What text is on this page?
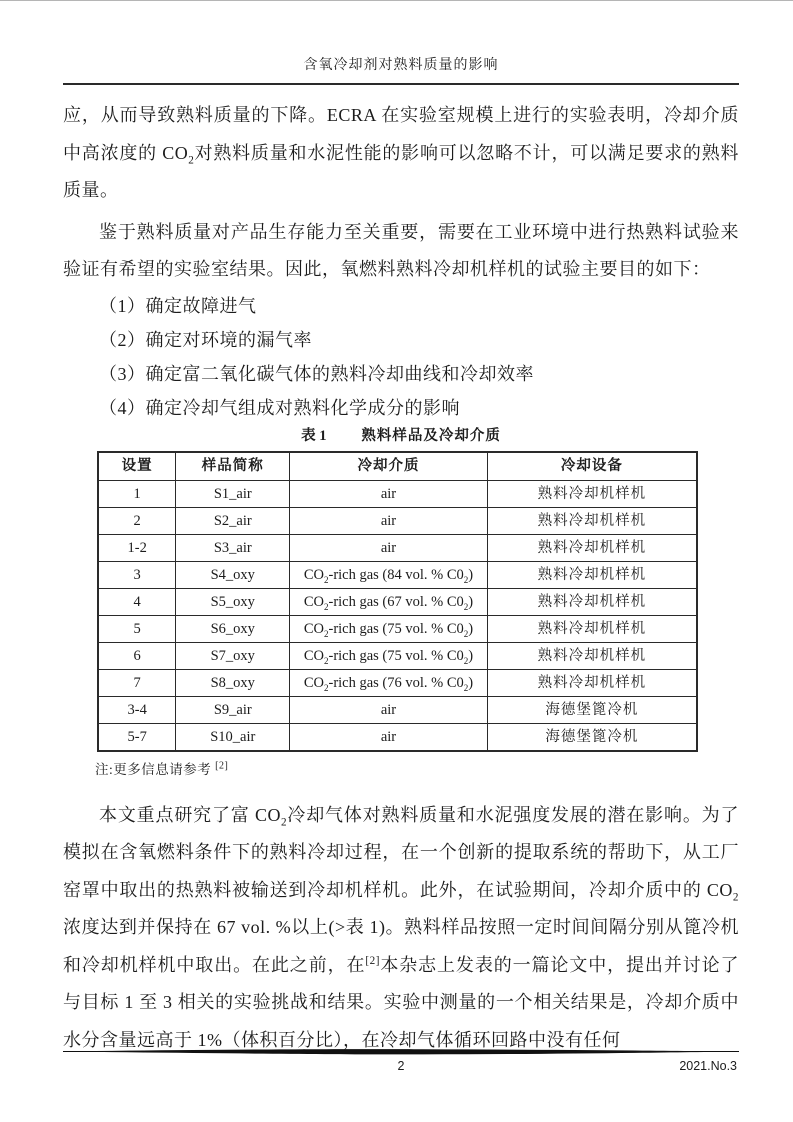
含氧冷却剂对熟料质量的影响

应，从而导致熟料质量的下降。ECRA 在实验室规模上进行的实验表明，冷却介质中高浓度的 $CO_2$对熟料质量和水泥性能的影响可以忽略不计，可以满足要求的熟料质量。

鉴于熟料质量对产品生存能力至关重要，需要在工业环境中进行热熟料试验来验证有希望的实验室结果。因此，氧燃料熟料冷却机样机的试验主要目的如下：

（1）确定故障进气
（2）确定对环境的漏气率
（3）确定富二氧化碳气体的熟料冷却曲线和冷却效率
（4）确定冷却气组成对熟料化学成分的影响
表 1 熟料样品及冷却介质
设置	样品简称	冷却介质	冷却设备
1	S1_air	air	熟料冷却机样机
2	S2_air	air	熟料冷却机样机
1-2	S3_air	air	熟料冷却机样机
3	S4_oxy	$CO_2$-rich gas (84 vol. % $C0_2$)	熟料冷却机样机
4	S5_oxy	$CO_2$-rich gas (67 vol. % $C0_2$)	熟料冷却机样机
5	S6_oxy	$CO_2$-rich gas (75 vol. % $C0_2$)	熟料冷却机样机
6	S7_oxy	$CO_2$-rich gas (75 vol. % $C0_2$)	熟料冷却机样机
7	S8_oxy	$CO_2$-rich gas (76 vol. % $C0_2$)	熟料冷却机样机
3-4	S9_air	air	海德堡篦冷机
5-7	S10_air	air	海德堡篦冷机
注:更多信息请参考 [2]

本文重点研究了富 $CO_2$冷却气体对熟料质量和水泥强度发展的潜在影响。为了模拟在含氧燃料条件下的熟料冷却过程，在一个创新的提取系统的帮助下，从工厂窑罩中取出的热熟料被输送到冷却机样机。此外，在试验期间，冷却介质中的 $CO_2$浓度达到并保持在 67 vol. %以上(>表 1)。熟料样品按照一定时间间隔分别从篦冷机和冷却机样机中取出。在此之前，在[2]本杂志上发表的一篇论文中，提出并讨论了与目标 1 至 3 相关的实验挑战和结果。实验中测量的一个相关结果是，冷却介质中水分含量远高于 1%（体积百分比），在冷却气体循环回路中没有任何

2	2021.No.3
